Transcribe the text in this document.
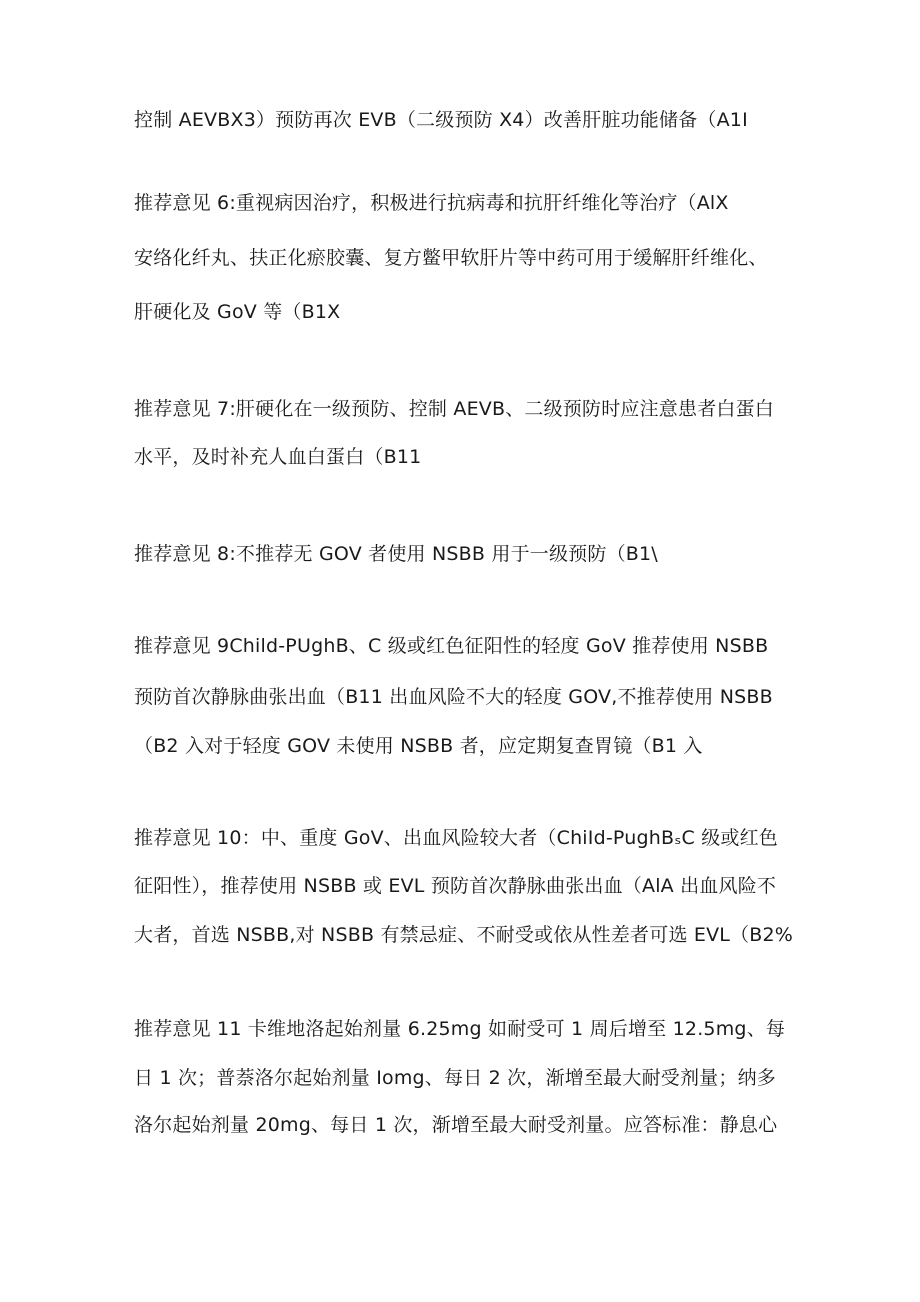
控制 AEVBX3）预防再次 EVB（二级预防 X4）改善肝脏功能储备（A1I
推荐意见 6:重视病因治疗，积极进行抗病毒和抗肝纤维化等治疗（AlX
安络化纤丸、扶正化瘀胶囊、复方鳖甲软肝片等中药可用于缓解肝纤维化、
肝硬化及 GoV 等（B1X
推荐意见 7:肝硬化在一级预防、控制 AEVB、二级预防时应注意患者白蛋白
水平，及时补充人血白蛋白（B11
推荐意见 8:不推荐无 GOV 者使用 NSBB 用于一级预防（B1\
推荐意见 9Child-PUghB、C 级或红色征阳性的轻度 GoV 推荐使用 NSBB
预防首次静脉曲张出血（B11 出血风险不大的轻度 GOV,不推荐使用 NSBB
（B2 入对于轻度 GOV 未使用 NSBB 者，应定期复查胃镜（B1 入
推荐意见 10：中、重度 GoV、出血风险较大者（ChiId-PughBₛC 级或红色
征阳性），推荐使用 NSBB 或 EVL 预防首次静脉曲张出血（AlA 出血风险不
大者，首选 NSBB,对 NSBB 有禁忌症、不耐受或依从性差者可选 EVL（B2%
推荐意见 11 卡维地洛起始剂量 6.25mg 如耐受可 1 周后增至 12.5mg、每
日 1 次；普萘洛尔起始剂量 Iomg、每日 2 次，渐增至最大耐受剂量；纳多
洛尔起始剂量 20mg、每日 1 次，渐增至最大耐受剂量。应答标准：静息心
